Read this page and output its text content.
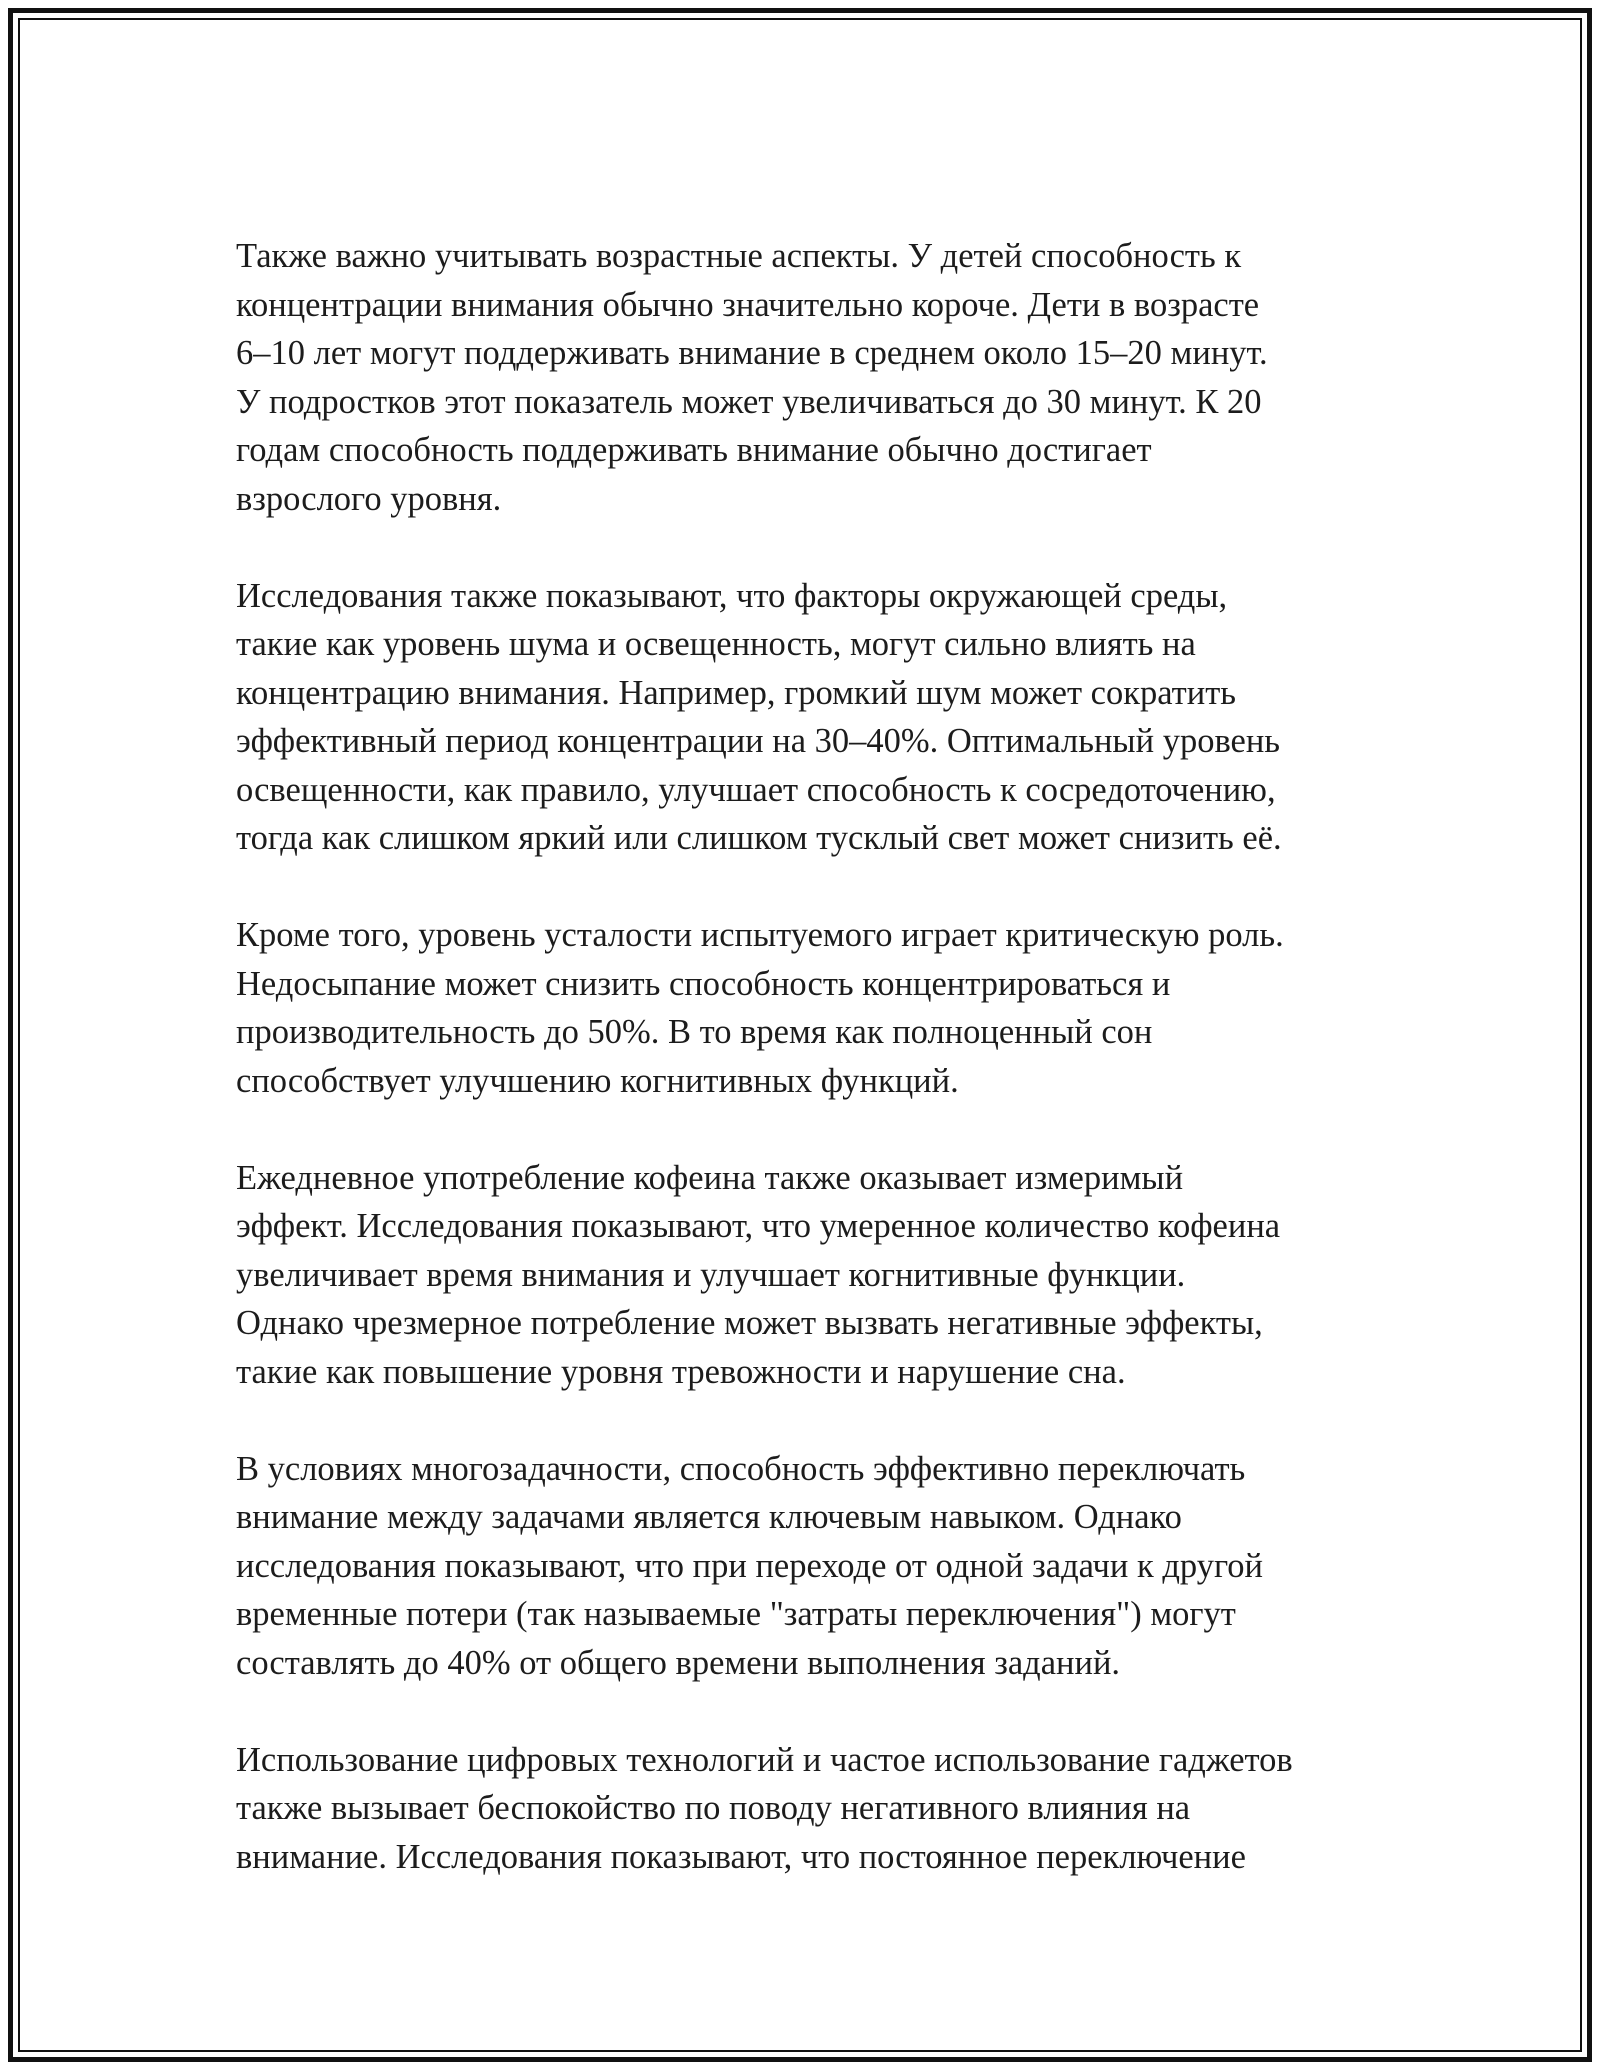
Также важно учитывать возрастные аспекты. У детей способность к
концентрации внимания обычно значительно короче. Дети в возрасте
6–10 лет могут поддерживать внимание в среднем около 15–20 минут.
У подростков этот показатель может увеличиваться до 30 минут. К 20
годам способность поддерживать внимание обычно достигает
взрослого уровня.

Исследования также показывают, что факторы окружающей среды,
такие как уровень шума и освещенность, могут сильно влиять на
концентрацию внимания. Например, громкий шум может сократить
эффективный период концентрации на 30–40%. Оптимальный уровень
освещенности, как правило, улучшает способность к сосредоточению,
тогда как слишком яркий или слишком тусклый свет может снизить её.

Кроме того, уровень усталости испытуемого играет критическую роль.
Недосыпание может снизить способность концентрироваться и
производительность до 50%. В то время как полноценный сон
способствует улучшению когнитивных функций.

Ежедневное употребление кофеина также оказывает измеримый
эффект. Исследования показывают, что умеренное количество кофеина
увеличивает время внимания и улучшает когнитивные функции.
Однако чрезмерное потребление может вызвать негативные эффекты,
такие как повышение уровня тревожности и нарушение сна.

В условиях многозадачности, способность эффективно переключать
внимание между задачами является ключевым навыком. Однако
исследования показывают, что при переходе от одной задачи к другой
временные потери (так называемые "затраты переключения") могут
составлять до 40% от общего времени выполнения заданий.

Использование цифровых технологий и частое использование гаджетов
также вызывает беспокойство по поводу негативного влияния на
внимание. Исследования показывают, что постоянное переключение
